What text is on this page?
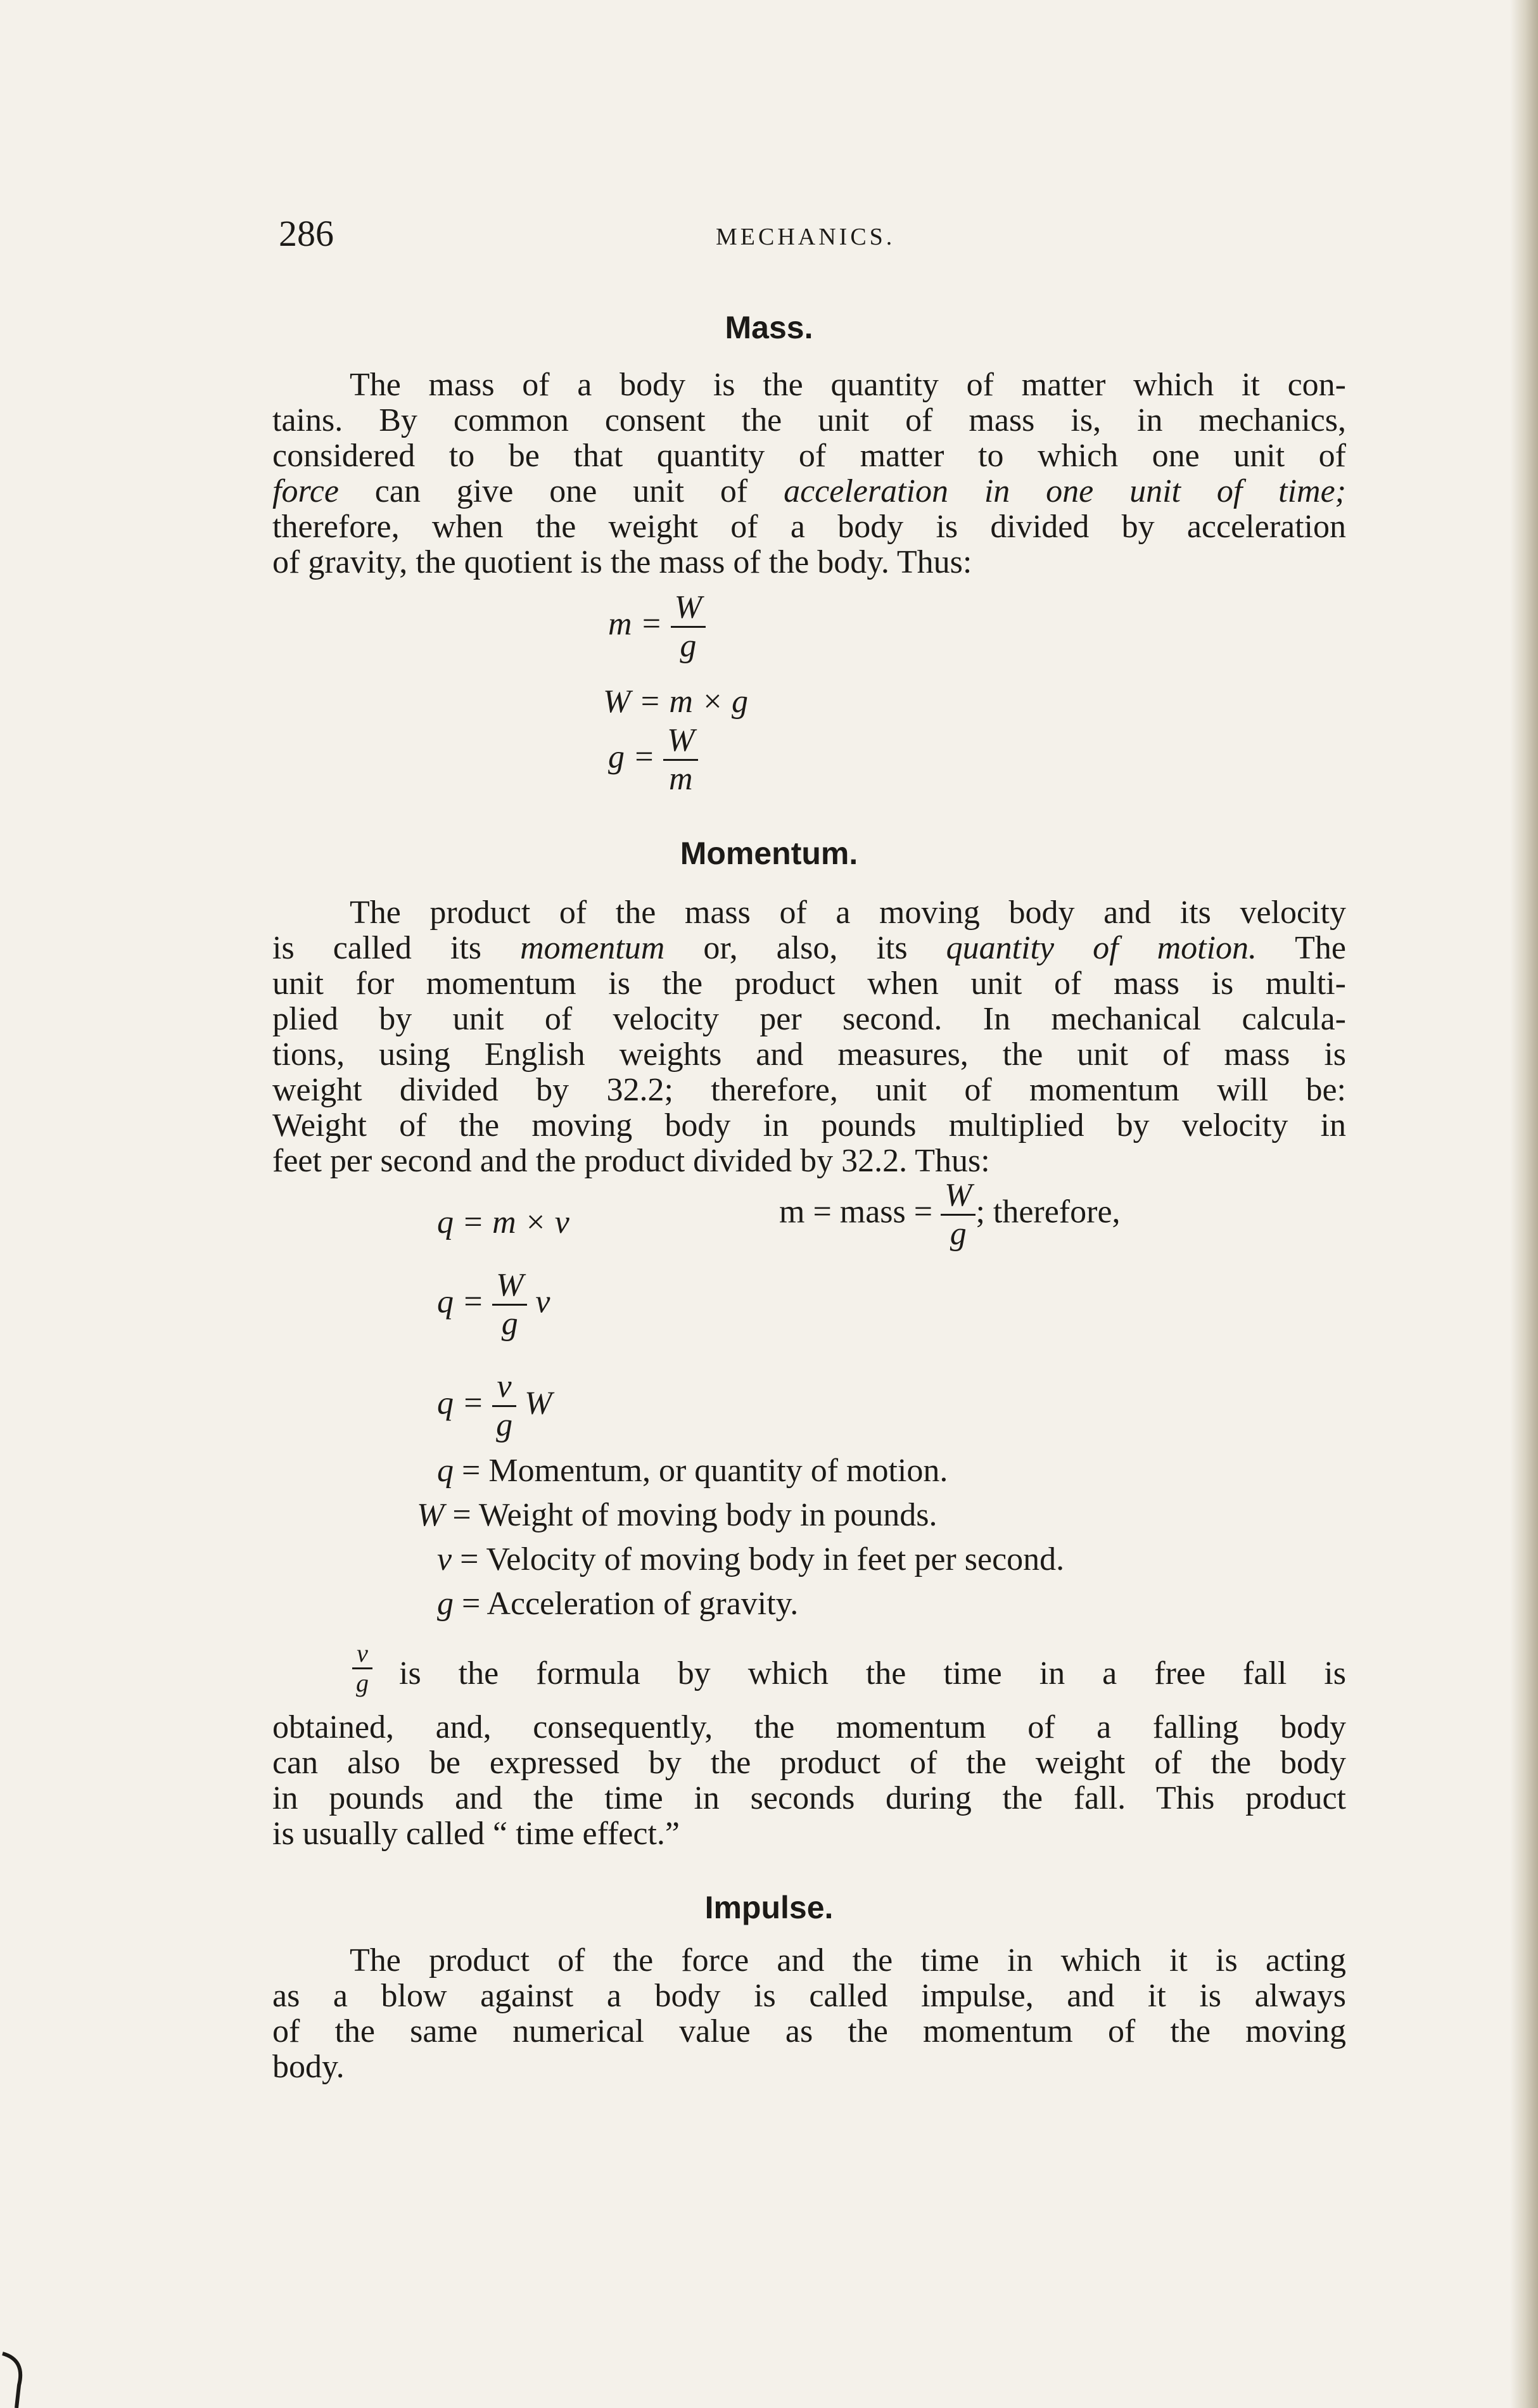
286	MECHANICS.
Mass.
The mass of a body is the quantity of matter which it con-
tains. By common consent the unit of mass is, in mechanics,
considered to be that quantity of matter to which one unit of
force can give one unit of acceleration in one unit of time;
therefore, when the weight of a body is divided by acceleration
of gravity, the quotient is the mass of the body. Thus:
$m = \frac{W}{g}$
W = m × g
$g = \frac{W}{m}$
Momentum.
The product of the mass of a moving body and its velocity
is called its momentum or, also, its quantity of motion. The
unit for momentum is the product when unit of mass is multi-
plied by unit of velocity per second. In mechanical calcula-
tions, using English weights and measures, the unit of mass is
weight divided by 32.2; therefore, unit of momentum will be:
Weight of the moving body in pounds multiplied by velocity in
feet per second and the product divided by 32.2. Thus:
q = m × v	m = mass = $\frac{W}{g}$ ; therefore,
$q = \frac{W}{g}$ v
$q = \frac{v}{g}$ W
q = Momentum, or quantity of motion.
W = Weight of moving body in pounds.
v = Velocity of moving body in feet per second.
g = Acceleration of gravity.
$\frac{v}{g}$ is the formula by which the time in a free fall is
obtained, and, consequently, the momentum of a falling body
can also be expressed by the product of the weight of the body
in pounds and the time in seconds during the fall. This product
is usually called “ time effect.”
Impulse.
The product of the force and the time in which it is acting
as a blow against a body is called impulse, and it is always
of the same numerical value as the momentum of the moving
body.
